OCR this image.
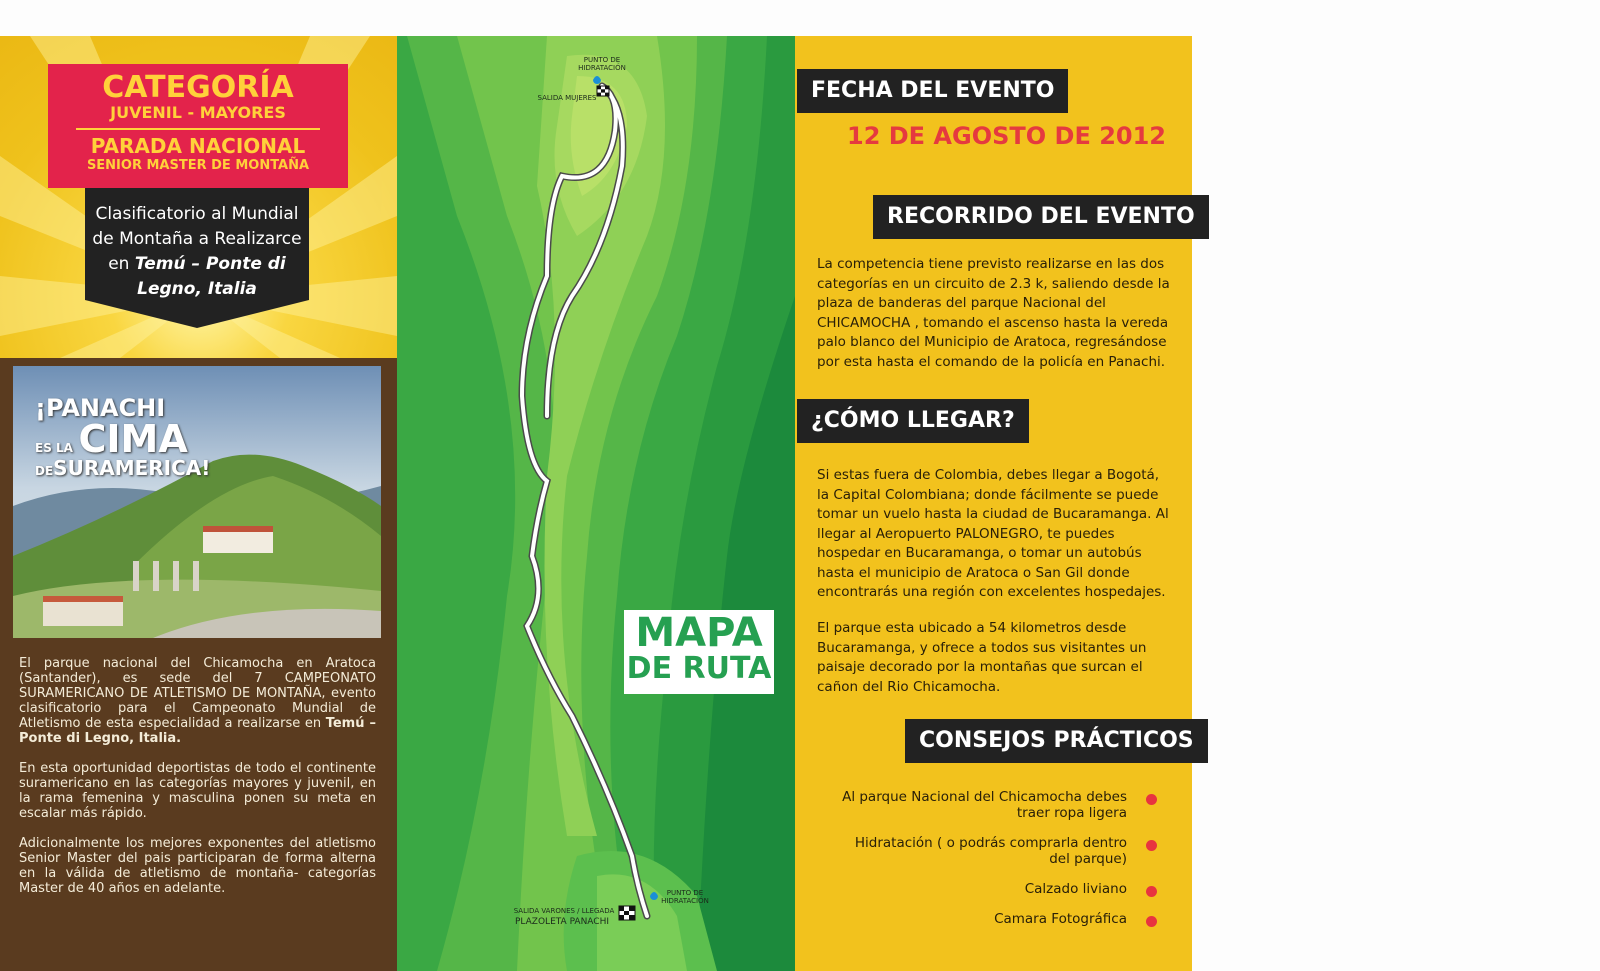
CATEGORÍA
JUVENIL - MAYORES
PARADA NACIONAL
SENIOR MASTER DE MONTAÑA
Clasificatorio al Mundial
de Montaña a Realizarce
en Temú – Ponte di
Legno, Italia
¡PANACHI
ES LA CIMA
DESURAMERICA!

El parque nacional del Chicamocha en Aratoca (Santander), es sede del 7 CAMPEONATO SURAMERICANO DE ATLETISMO DE MONTAÑA, evento clasificatorio para el Campeonato Mundial de Atletismo de esta especialidad a realizarse en Temú – Ponte di Legno, Italia.

En esta oportunidad deportistas de todo el continente suramericano en las categorías mayores y juvenil, en la rama femenina y masculina ponen su meta en escalar más rápido.

Adicionalmente los mejores exponentes del atletismo Senior Master del pais participaran de forma alterna en la válida de atletismo de montaña- categorías Master de 40 años en adelante.

PUNTO DE HIDRATACIÓN
SALIDA MUJERES
PUNTO DE HIDRATACIÓN
SALIDA VARONES / LLEGADA
PLAZOLETA PANACHI
MAPA
DE RUTA
FECHA DEL EVENTO
12 DE AGOSTO DE 2012
RECORRIDO DEL EVENTO
La competencia tiene previsto realizarse en las dos categorías en un circuito de 2.3 k, saliendo desde la plaza de banderas del parque Nacional del CHICAMOCHA , tomando el ascenso hasta la vereda palo blanco del Municipio de Aratoca, regresándose por esta hasta el comando de la policía en Panachi.
¿CÓMO LLEGAR?
Si estas fuera de Colombia, debes llegar a Bogotá, la Capital Colombiana; donde fácilmente se puede tomar un vuelo hasta la ciudad de Bucaramanga. Al llegar al Aeropuerto PALONEGRO, te puedes hospedar en Bucaramanga, o tomar un autobús hasta el municipio de Aratoca o San Gil donde encontrarás una región con excelentes hospedajes.
El parque esta ubicado a 54 kilometros desde Bucaramanga, y ofrece a todos sus visitantes un paisaje decorado por la montañas que surcan el cañon del Rio Chicamocha.
CONSEJOS PRÁCTICOS
Al parque Nacional del Chicamocha debes traer ropa ligera
Hidratación ( o podrás comprarla dentro del parque)
Calzado liviano
Camara Fotográfica
